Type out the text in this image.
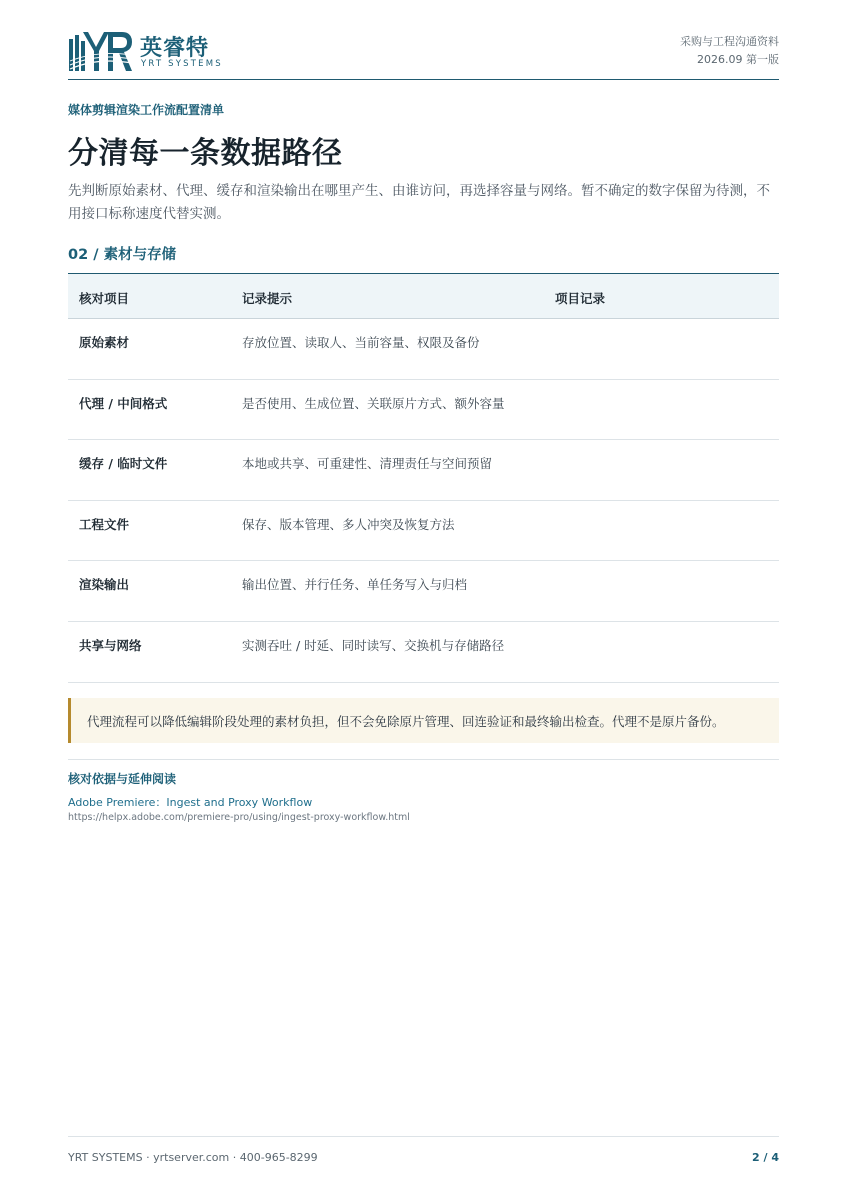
英睿特
YRT SYSTEMS
采购与工程沟通资料
2026.09 第一版
媒体剪辑渲染工作流配置清单
分清每一条数据路径
先判断原始素材、代理、缓存和渲染输出在哪里产生、由谁访问，再选择容量与网络。暂不确定的数字保留为待测，不用接口标称速度代替实测。
02 / 素材与存储
核对项目	记录提示	项目记录
原始素材	存放位置、读取人、当前容量、权限及备份
代理 / 中间格式	是否使用、生成位置、关联原片方式、额外容量
缓存 / 临时文件	本地或共享、可重建性、清理责任与空间预留
工程文件	保存、版本管理、多人冲突及恢复方法
渲染输出	输出位置、并行任务、单任务写入与归档
共享与网络	实测吞吐 / 时延、同时读写、交换机与存储路径
代理流程可以降低编辑阶段处理的素材负担，但不会免除原片管理、回连验证和最终输出检查。代理不是原片备份。
核对依据与延伸阅读
Adobe Premiere：Ingest and Proxy Workflow
https://helpx.adobe.com/premiere-pro/using/ingest-proxy-workflow.html
YRT SYSTEMS · yrtserver.com · 400-965-8299	2 / 4
